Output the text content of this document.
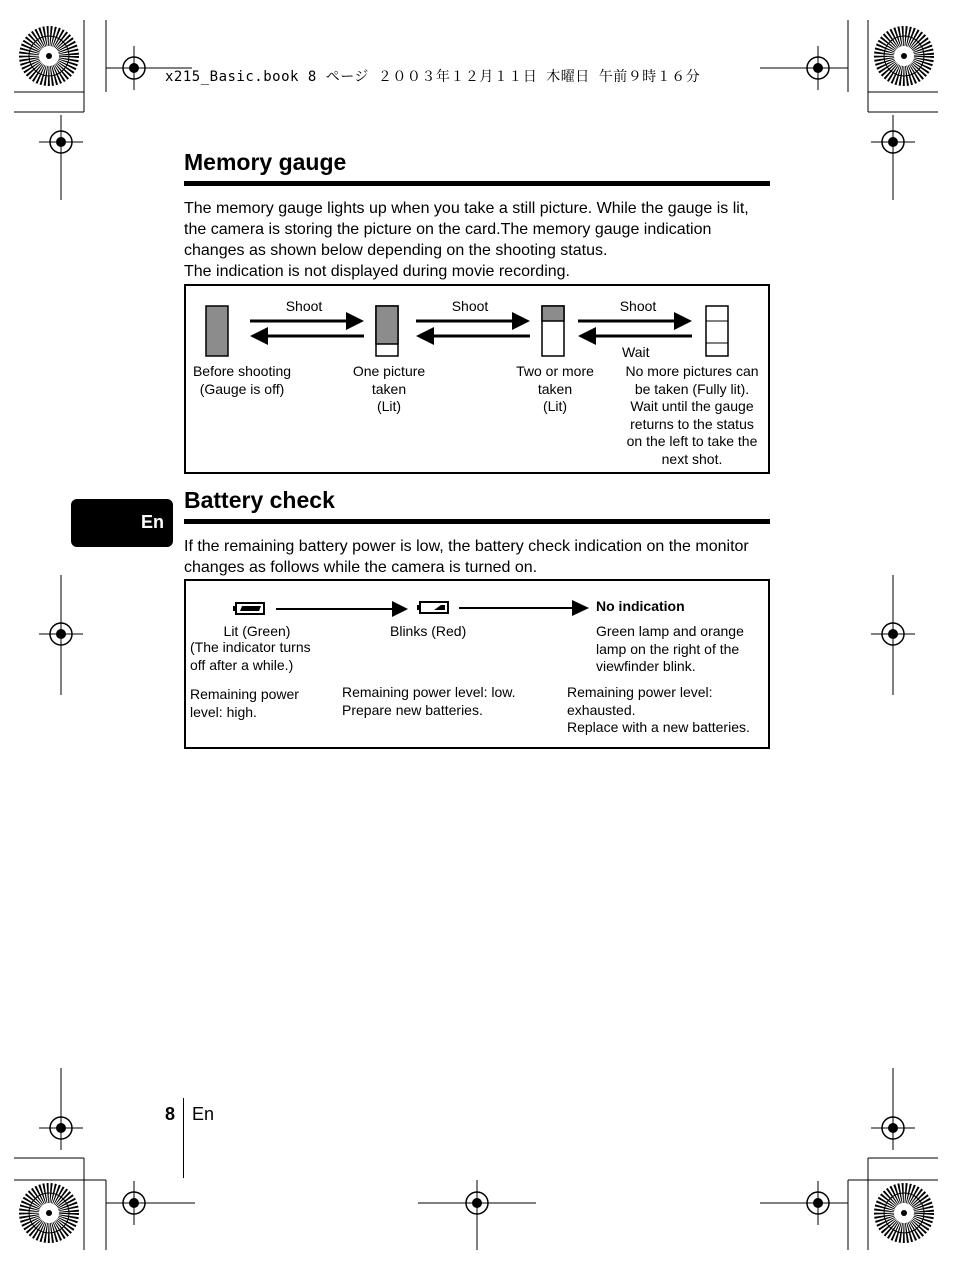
x215_Basic.book 8 ページ ２００３年１２月１１日 木曜日 午前９時１６分
Memory gauge
The memory gauge lights up when you take a still picture. While the gauge is lit, the camera is storing the picture on the card.The memory gauge indication changes as shown below depending on the shooting status.
The indication is not displayed during movie recording.
Shoot	Shoot	Shoot
Wait
Before shooting
(Gauge is off)
One picture
taken
(Lit)
Two or more
taken
(Lit)
No more pictures can
be taken (Fully lit).
Wait until the gauge
returns to the status
on the left to take the
next shot.
En
Battery check
If the remaining battery power is low, the battery check indication on the monitor changes as follows while the camera is turned on.
Lit (Green)
(The indicator turns
off after a while.)
Remaining power
level: high.
Blinks (Red)
Remaining power level: low.
Prepare new batteries.
No indication
Green lamp and orange
lamp on the right of the
viewfinder blink.
Remaining power level:
exhausted.
Replace with a new batteries.
8 En
